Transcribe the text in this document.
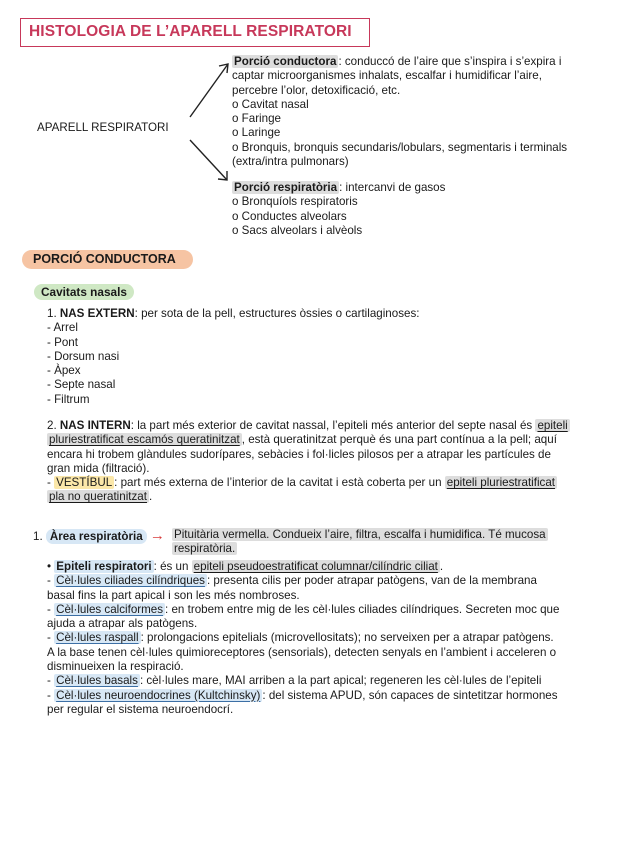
HISTOLOGIA DE L’APARELL RESPIRATORI
APARELL RESPIRATORI
Porció conductora : conduccó de l’aire que s’inspira i s’expira i
captar microorganismes inhalats, escalfar i humidificar l’aire,
percebre l’olor, detoxificació, etc.
o Cavitat nasal
o Faringe
o Laringe
o Bronquis, bronquis secundaris/lobulars, segmentaris i terminals
(extra/intra pulmonars)
Porció respiratòria : intercanvi de gasos
o Bronquíols respiratoris
o Conductes alveolars
o Sacs alveolars i alvèols
PORCIÓ CONDUCTORA
Cavitats nasals
1. NAS EXTERN: per sota de la pell, estructures òssies o cartilaginoses:
- Arrel
- Pont
- Dorsum nasi
- Àpex
- Septe nasal
- Filtrum
2. NAS INTERN: la part més exterior de cavitat nassal, l’epiteli més anterior del septe nasal és epiteli
pluriestratificat escamós queratinitzat , està queratinitzat perquè és una part contínua a la pell; aquí
encara hi trobem glàndules sudorípares, sebàcies i fol·licles pilosos per a atrapar les partícules de
gran mida (filtració).
- VESTÍBUL : part més externa de l’interior de la cavitat i està coberta per un epiteli pluriestratificat
pla no queratinitzat .
1. Àrea respiratòria → Pituitària vermella. Condueix l’aire, filtra, escalfa i humidifica. Té mucosa
respiratòria.
• Epiteli respiratori : és un epiteli pseudoestratificat columnar/cilíndric ciliat .
- Cèl·lules ciliades cilíndriques : presenta cilis per poder atrapar patògens, van de la membrana
basal fins la part apical i son les més nombroses.
- Cèl·lules calciformes : en trobem entre mig de les cèl·lules ciliades cilíndriques. Secreten moc que
ajuda a atrapar als patògens.
- Cèl·lules raspall : prolongacions epitelials (microvellositats); no serveixen per a atrapar patògens.
A la base tenen cèl·lules quimioreceptores (sensorials), detecten senyals en l’ambient i acceleren o
disminueixen la respiració.
- Cèl·lules basals : cèl·lules mare, MAI arriben a la part apical; regeneren les cèl·lules de l’epiteli
- Cèl·lules neuroendocrines (Kultchinsky) : del sistema APUD, són capaces de sintetitzar hormones
per regular el sistema neuroendocrí.
